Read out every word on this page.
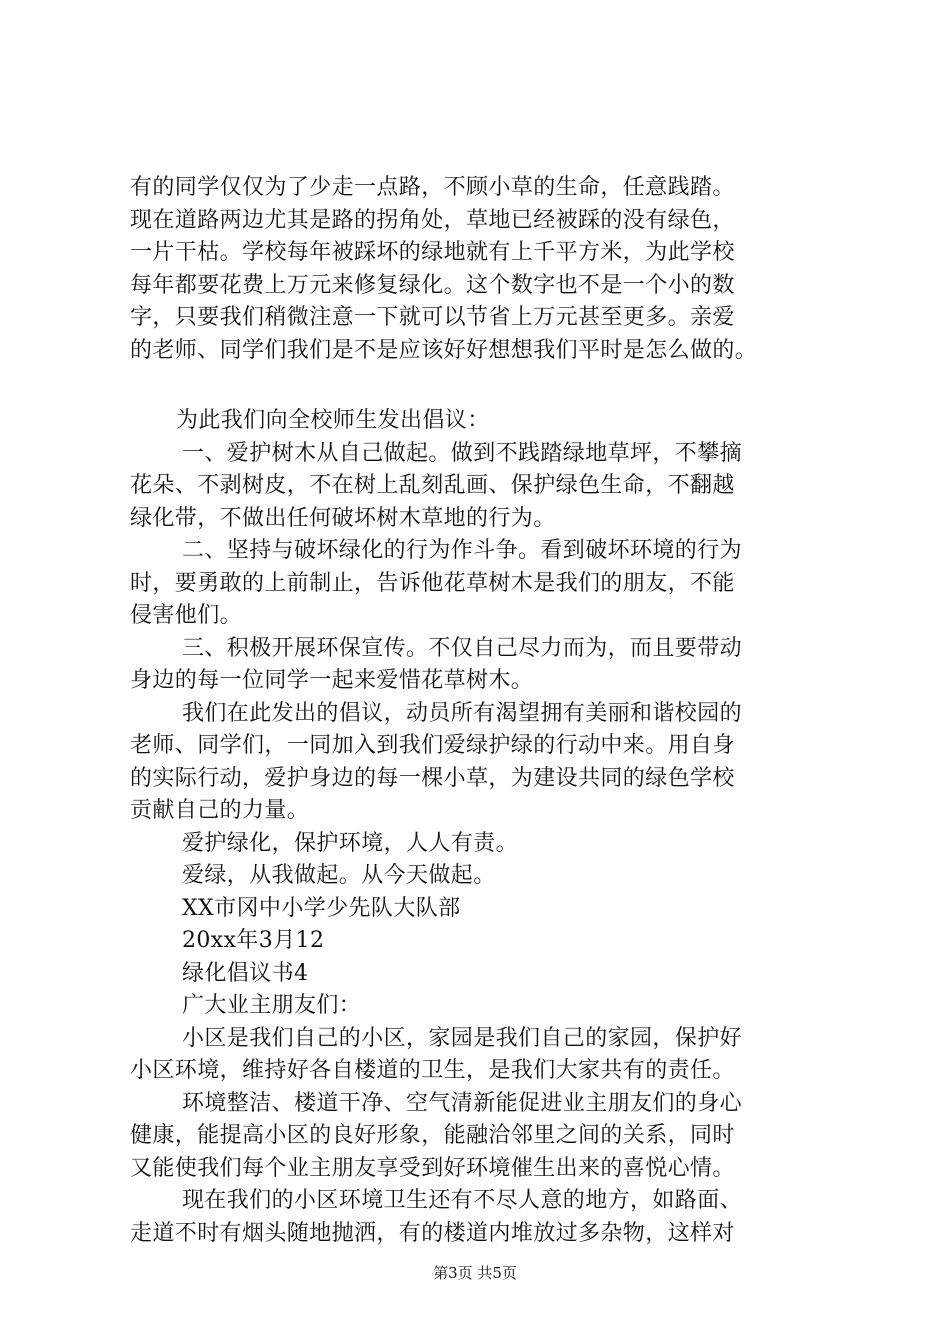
有的同学仅仅为了少走一点路，不顾小草的生命，任意践踏。
现在道路两边尤其是路的拐角处，草地已经被踩的没有绿色，
一片干枯。学校每年被踩坏的绿地就有上千平方米，为此学校
每年都要花费上万元来修复绿化。这个数字也不是一个小的数
字，只要我们稍微注意一下就可以节省上万元甚至更多。亲爱
的老师、同学们我们是不是应该好好想想我们平时是怎么做的。
为此我们向全校师生发出倡议：
一、爱护树木从自己做起。做到不践踏绿地草坪，不攀摘
花朵、不剥树皮，不在树上乱刻乱画、保护绿色生命，不翻越
绿化带，不做出任何破坏树木草地的行为。
二、坚持与破坏绿化的行为作斗争。看到破坏环境的行为
时，要勇敢的上前制止，告诉他花草树木是我们的朋友，不能
侵害他们。
三、积极开展环保宣传。不仅自己尽力而为，而且要带动
身边的每一位同学一起来爱惜花草树木。
我们在此发出的倡议，动员所有渴望拥有美丽和谐校园的
老师、同学们，一同加入到我们爱绿护绿的行动中来。用自身
的实际行动，爱护身边的每一棵小草，为建设共同的绿色学校
贡献自己的力量。
爱护绿化，保护环境，人人有责。
爱绿，从我做起。从今天做起。
XX市冈中小学少先队大队部
20xx年3月12
绿化倡议书4
广大业主朋友们：
小区是我们自己的小区，家园是我们自己的家园，保护好
小区环境，维持好各自楼道的卫生，是我们大家共有的责任。
环境整洁、楼道干净、空气清新能促进业主朋友们的身心
健康，能提高小区的良好形象，能融洽邻里之间的关系，同时
又能使我们每个业主朋友享受到好环境催生出来的喜悦心情。
现在我们的小区环境卫生还有不尽人意的地方，如路面、
走道不时有烟头随地抛洒，有的楼道内堆放过多杂物，这样对
第3页 共5页
